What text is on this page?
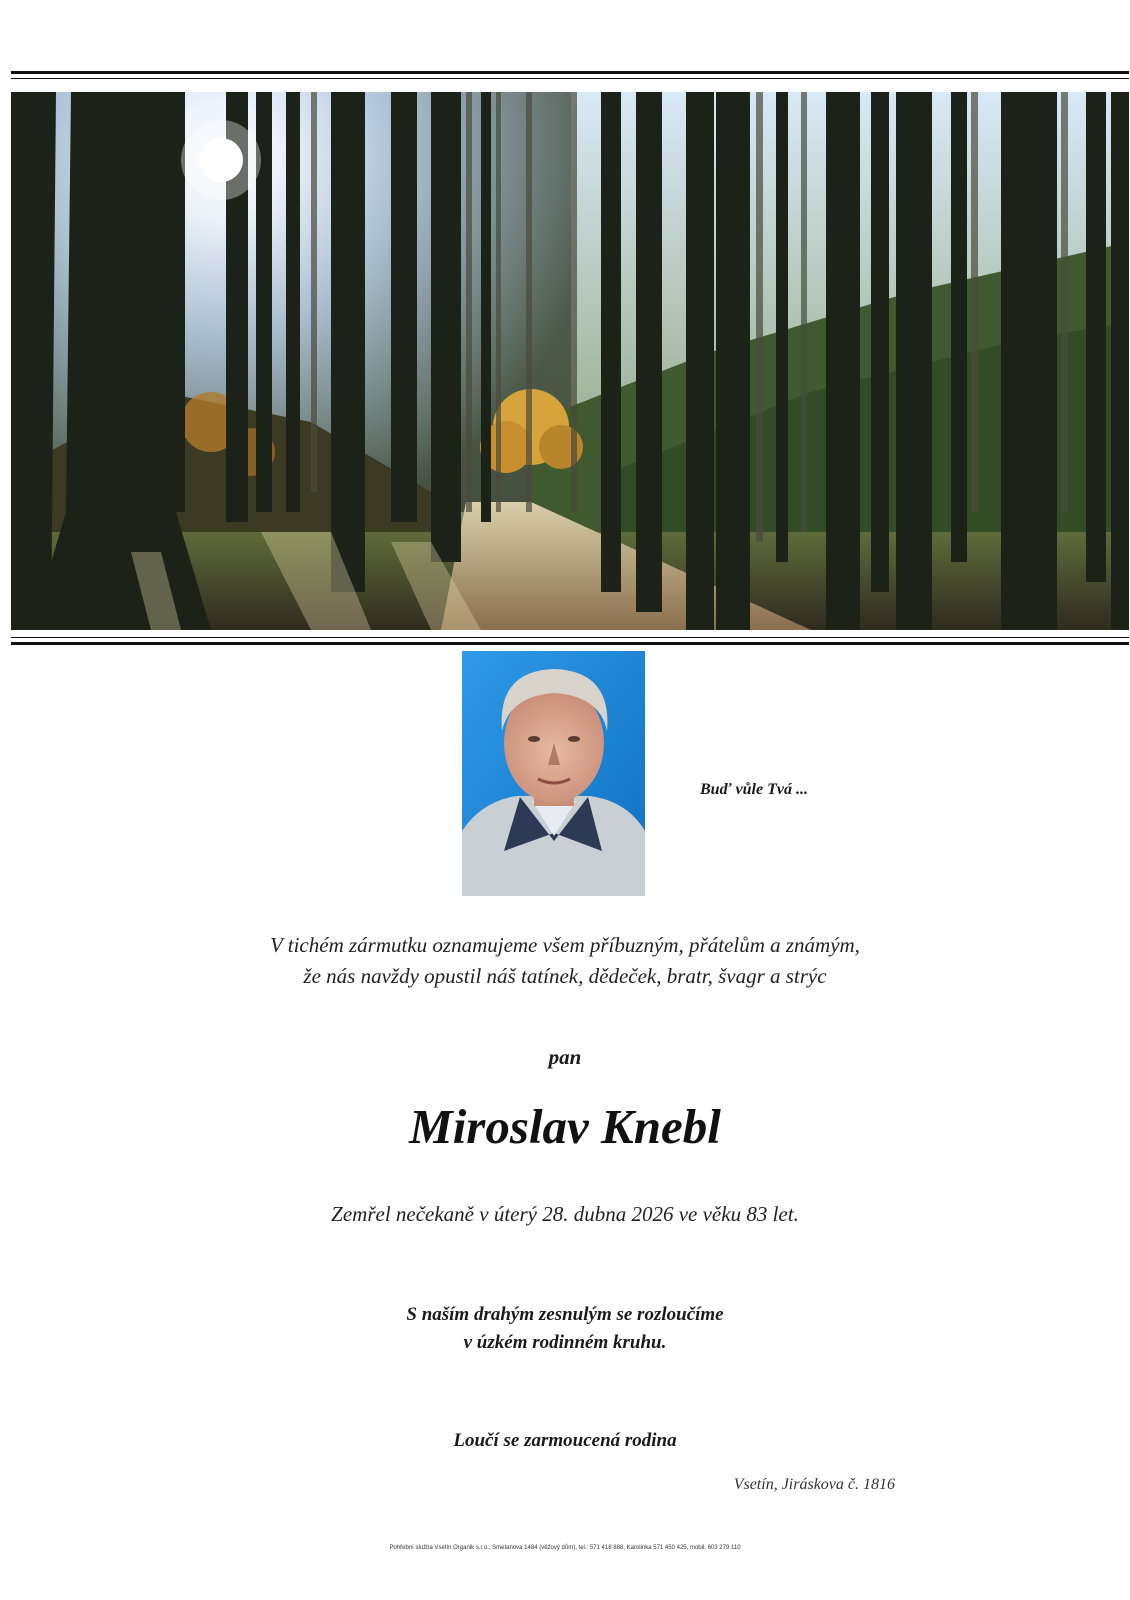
Buď vůle Tvá ...
V tichém zármutku oznamujeme všem příbuzným, přátelům a známým,
že nás navždy opustil náš tatínek, dědeček, bratr, švagr a strýc
pan
Miroslav Knebl
Zemřel nečekaně v úterý 28. dubna 2026 ve věku 83 let.
S naším drahým zesnulým se rozloučíme
v úzkém rodinném kruhu.
Loučí se zarmoucená rodina
Vsetín, Jiráskova č. 1816
Pohřební služba Vsetín Organik s.r.o., Smetanova 1484 (věžový dům), tel.: 571 418 888, Karolinka 571 450 425, mobil: 603 279 110
